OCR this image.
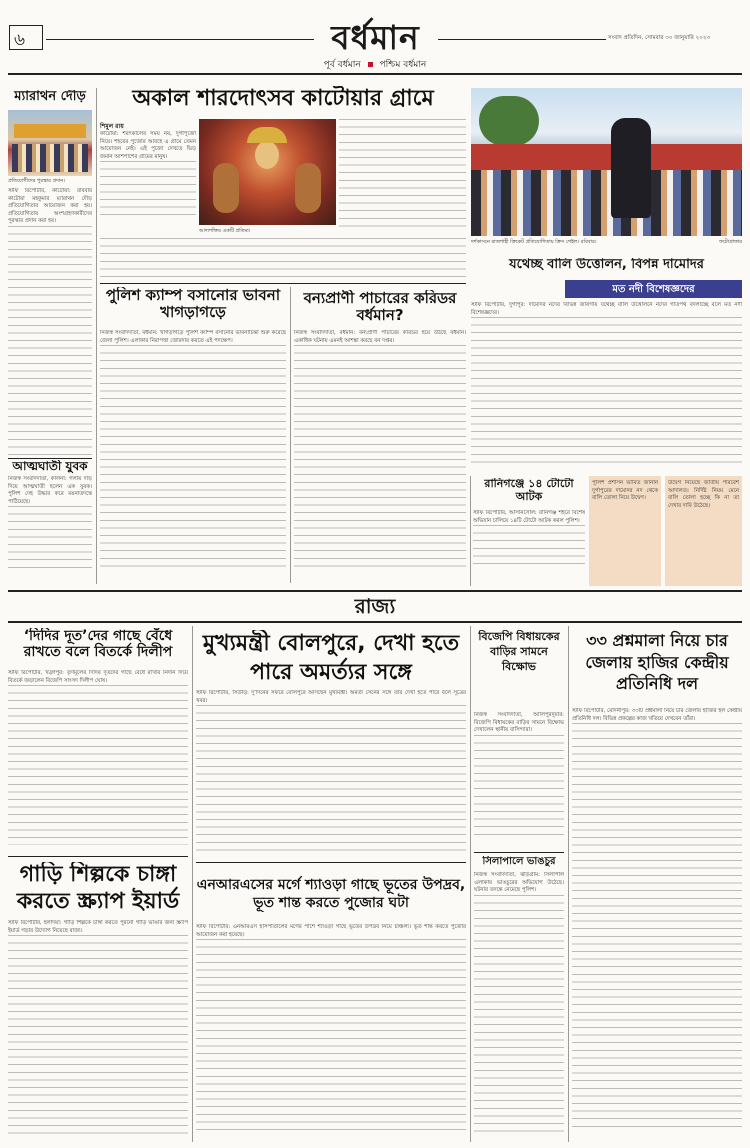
৬	বর্ধমান	সংবাদ প্রতিদিন, সোমবার ৩০ জানুয়ারি ২০২৩
পূর্ব বর্ধমান পশ্চিম বর্ধমান
ম্যারাথন দৌড়
প্রতিযোগীদের পুরস্কার প্রদান।
স্টাফ রিপোর্টার, কাটোয়া: রবিবার কাটোয়া মহকুমার ম্যারাথন দৌড় প্রতিযোগিতার আয়োজন করা হয়। প্রতিযোগিতায় অংশগ্রহণকারীদের পুরস্কার প্রদান করা হয়।
আত্মঘাতী যুবক
নিজস্ব সংবাদদাতা, কালনা: গলায় দড়ি দিয়ে আত্মঘাতী হলেন এক যুবক। পুলিশ দেহ উদ্ধার করে ময়নাতদন্তে পাঠিয়েছে।
অকাল শারদোৎসব কাটোয়ার গ্রামে
শিমুল রায়
কাটোয়া: শরৎকালের সময় নয়, দুর্গাপুজো নিয়ে। শহরের পুজোর আবহে এ গ্রামে তেমন আয়োজন নেই। এই পুজো দেখতে ভিড় জমান আশপাশের গ্রামের মানুষ।
আদ্যশক্তির একটি প্রতিমা।
দর্শকাসনে রাজশাহী ক্রিকেট প্রতিযোগিতায় ক্রিস গেইল। রবিবার।	ফটোগ্রাফার
যথেচ্ছ বালি উত্তোলন, বিপন্ন দামোদর
মত নদী বিশেষজ্ঞদের
স্টাফ রিপোর্টার, দুর্গাপুর: দামোদর নদের বিভিন্ন জায়গায় যথেচ্ছ বালি উত্তোলনে নদের গতিপথ বদলাচ্ছে বলে মত নদী বিশেষজ্ঞদের।
পুলিশ প্রশাসন ভাবিত জানান দুর্গাপুরের দামোদর নদ থেকে বালি তোলা নিয়ে উদ্বেগ।
উদ্বেগ নিয়েছে জাতীয় পরিবেশ আদালত। নির্দিষ্ট নিয়ম মেনে বালি তোলা হচ্ছে কি না তা দেখার দাবি উঠেছে।
পুলিশ ক্যাম্প বসানোর ভাবনা খাগড়াগড়ে
নিজস্ব সংবাদদাতা, বর্ধমান: খাগড়াগড়ে পুলিশ ক্যাম্প বসানোর ভাবনাচিন্তা শুরু করেছে জেলা পুলিশ। এলাকার নিরাপত্তা জোরদার করতে এই পদক্ষেপ।
বন্যপ্রাণী পাচারের করিডর বর্ধমান?
নিজস্ব সংবাদদাতা, বর্ধমান: বন্যপ্রাণী পাচারের করিডর হয়ে উঠছে বর্ধমান। একাধিক ঘটনায় এমনই আশঙ্কা করছে বন দপ্তর।
রানিগঞ্জে ১৪ টোটো আটক
স্টাফ রিপোর্টার, আসানসোল: রানিগঞ্জ শহরে বিশেষ অভিযান চালিয়ে ১৪টি টোটো আটক করল পুলিশ।
রাজ্য
‘দিদির দূত’দের গাছে বেঁধে রাখতে বলে বিতর্কে দিলীপ
স্টাফ রিপোর্টার, খড়্গপুর: তৃণমূলের দিদির দূতদের গাছে বেঁধে রাখার নিদান দিয়ে বিতর্কে জড়ালেন বিজেপি সাংসদ দিলীপ ঘোষ।
গাড়ি শিল্পকে চাঙ্গা করতে স্ক্র্যাপ ইয়ার্ড
স্টাফ রিপোর্টার, হলদিয়া: গাড়ি শিল্পকে চাঙ্গা করতে পুরনো গাড়ি ভাঙার জন্য স্ক্র্যাপ ইয়ার্ড গড়ার উদ্যোগ নিয়েছে রাজ্য।
মুখ্যমন্ত্রী বোলপুরে, দেখা হতে পারে অমর্ত্যর সঙ্গে
স্টাফ রিপোর্টার, সিউড়ি: দু’দিনের সফরে বোলপুরে আসছেন মুখ্যমন্ত্রী। অমর্ত্য সেনের সঙ্গে তাঁর দেখা হতে পারে বলে সূত্রের খবর।
এনআরএসের মর্গে শ্যাওড়া গাছে ভূতের উপদ্রব, ভূত শান্ত করতে পুজোর ঘটা
স্টাফ রিপোর্টার: এনআরএস হাসপাতালের মর্গের পাশে শ্যাওড়া গাছে ভূতের উপদ্রব নিয়ে চাঞ্চল্য। ভূত শান্ত করতে পুজোর আয়োজন করা হয়েছে।
বিজেপি বিধায়কের বাড়ির সামনে বিক্ষোভ
নিজস্ব সংবাদদাতা, আলিপুরদুয়ার: বিজেপি বিধায়কের বাড়ির সামনে বিক্ষোভ দেখালেন স্থানীয় বাসিন্দারা।
সিলাপালে ভাঙচুর
নিজস্ব সংবাদদাতা, ঝাড়গ্রাম: সিলাপাল এলাকায় ভাঙচুরের অভিযোগ উঠেছে। ঘটনার তদন্তে নেমেছে পুলিশ।
৩৩ প্রশ্নমালা নিয়ে চার জেলায় হাজির কেন্দ্রীয় প্রতিনিধি দল
স্টাফ রিপোর্টার, মেদিনীপুর: ৩৩টি প্রশ্নমালা নিয়ে চার জেলায় হাজির হল কেন্দ্রীয় প্রতিনিধি দল। বিভিন্ন প্রকল্পের কাজ খতিয়ে দেখবেন তাঁরা।
